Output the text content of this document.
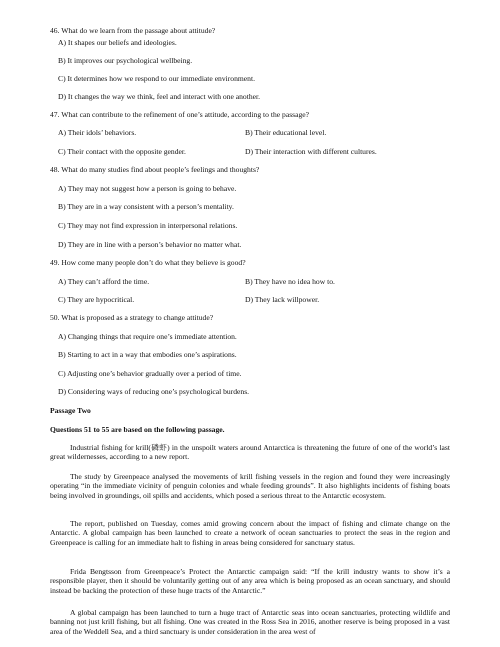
46. What do we learn from the passage about attitude?
A) It shapes our beliefs and ideologies.
B) It improves our psychological wellbeing.
C) It determines how we respond to our immediate environment.
D) It changes the way we think, feel and interact with one another.
47. What can contribute to the refinement of one’s attitude, according to the passage?
A) Their idols’ behaviors.	B) Their educational level.
C) Their contact with the opposite gender.	D) Their interaction with different cultures.
48. What do many studies find about people’s feelings and thoughts?
A) They may not suggest how a person is going to behave.
B) They are in a way consistent with a person’s mentality.
C) They may not find expression in interpersonal relations.
D) They are in line with a person’s behavior no matter what.
49. How come many people don’t do what they believe is good?
A) They can’t afford the time.	B) They have no idea how to.
C) They are hypocritical.	D) They lack willpower.
50. What is proposed as a strategy to change attitude?
A) Changing things that require one’s immediate attention.
B) Starting to act in a way that embodies one’s aspirations.
C) Adjusting one’s behavior gradually over a period of time.
D) Considering ways of reducing one’s psychological burdens.
Passage Two
Questions 51 to 55 are based on the following passage.
Industrial fishing for krill(磷虾) in the unspoilt waters around Antarctica is threatening the future of one of the world’s last great wildernesses, according to a new report.
The study by Greenpeace analysed the movements of krill fishing vessels in the region and found they were increasingly operating “in the immediate vicinity of penguin colonies and whale feeding grounds”. It also highlights incidents of fishing boats being involved in groundings, oil spills and accidents, which posed a serious threat to the Antarctic ecosystem.
The report, published on Tuesday, comes amid growing concern about the impact of fishing and climate change on the Antarctic. A global campaign has been launched to create a network of ocean sanctuaries to protect the seas in the region and Greenpeace is calling for an immediate halt to fishing in areas being considered for sanctuary status.
Frida Bengtsson from Greenpeace’s Protect the Antarctic campaign said: “If the krill industry wants to show it’s a responsible player, then it should be voluntarily getting out of any area which is being proposed as an ocean sanctuary, and should instead be backing the protection of these huge tracts of the Antarctic.”
A global campaign has been launched to turn a huge tract of Antarctic seas into ocean sanctuaries, protecting wildlife and banning not just krill fishing, but all fishing. One was created in the Ross Sea in 2016, another reserve is being proposed in a vast area of the Weddell Sea, and a third sanctuary is under consideration in the area west of
